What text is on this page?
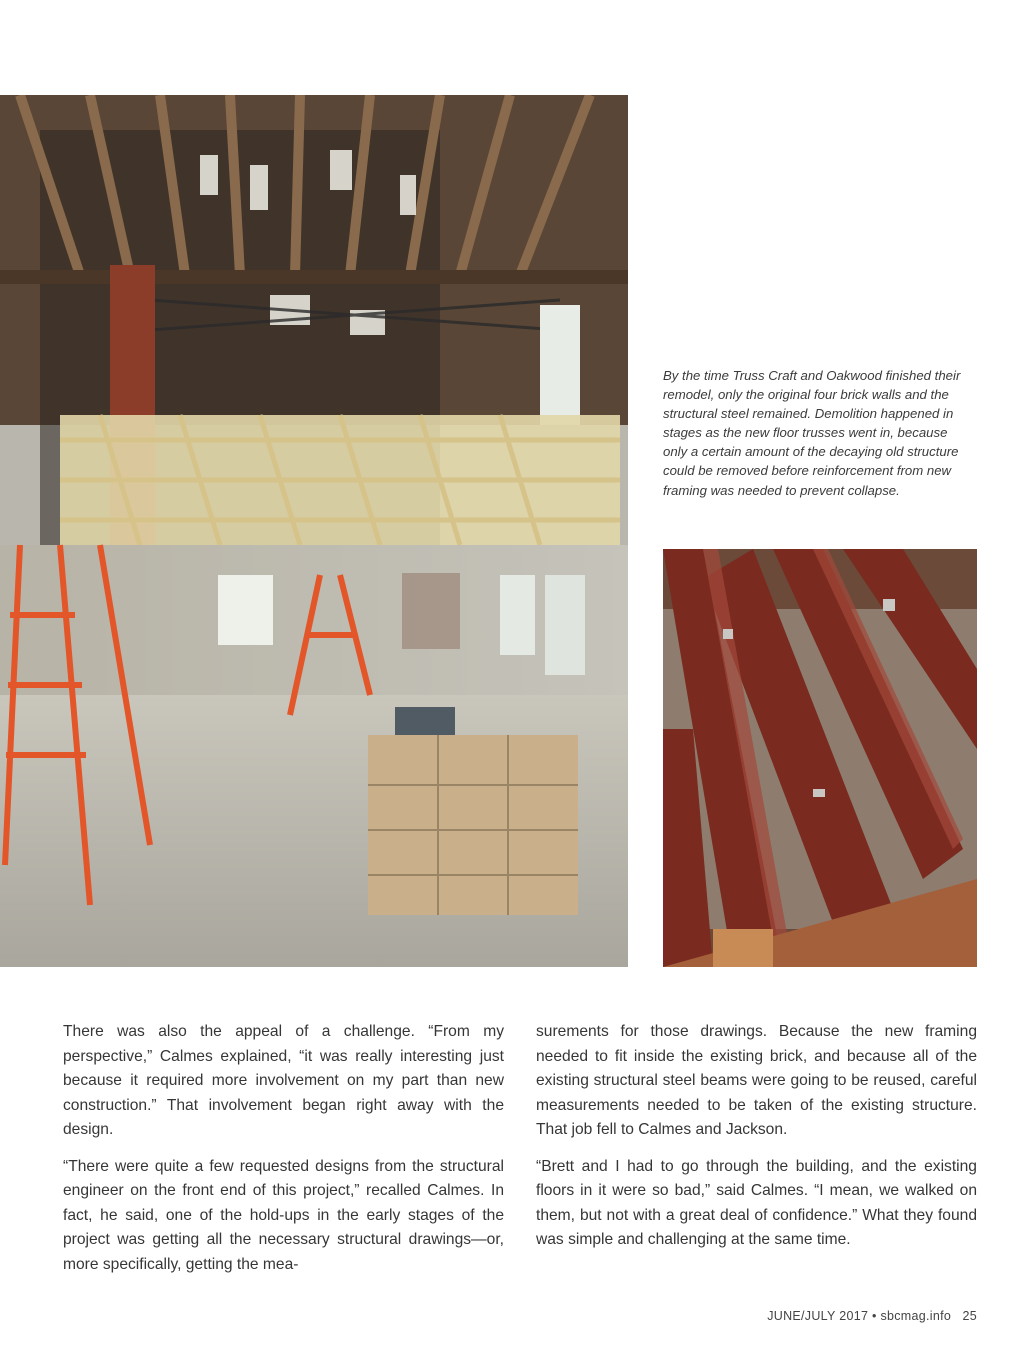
By the time Truss Craft and Oakwood finished their remodel, only the original four brick walls and the structural steel remained. Demolition happened in stages as the new floor trusses went in, because only a certain amount of the decaying old structure could be removed before reinforcement from new framing was needed to prevent collapse.

There was also the appeal of a challenge. “From my perspective,” Calmes explained, “it was really interesting just because it required more involvement on my part than new construction.” That involvement began right away with the design.

“There were quite a few requested designs from the structural engineer on the front end of this project,” recalled Calmes. In fact, he said, one of the hold-ups in the early stages of the project was getting all the necessary structural drawings—or, more specifically, getting the mea-

surements for those drawings. Because the new framing needed to fit inside the existing brick, and because all of the existing structural steel beams were going to be reused, careful measurements needed to be taken of the existing structure. That job fell to Calmes and Jackson.

“Brett and I had to go through the building, and the existing floors in it were so bad,” said Calmes. “I mean, we walked on them, but not with a great deal of confidence.” What they found was simple and challenging at the same time.

JUNE/JULY 2017 • sbcmag.info 25
